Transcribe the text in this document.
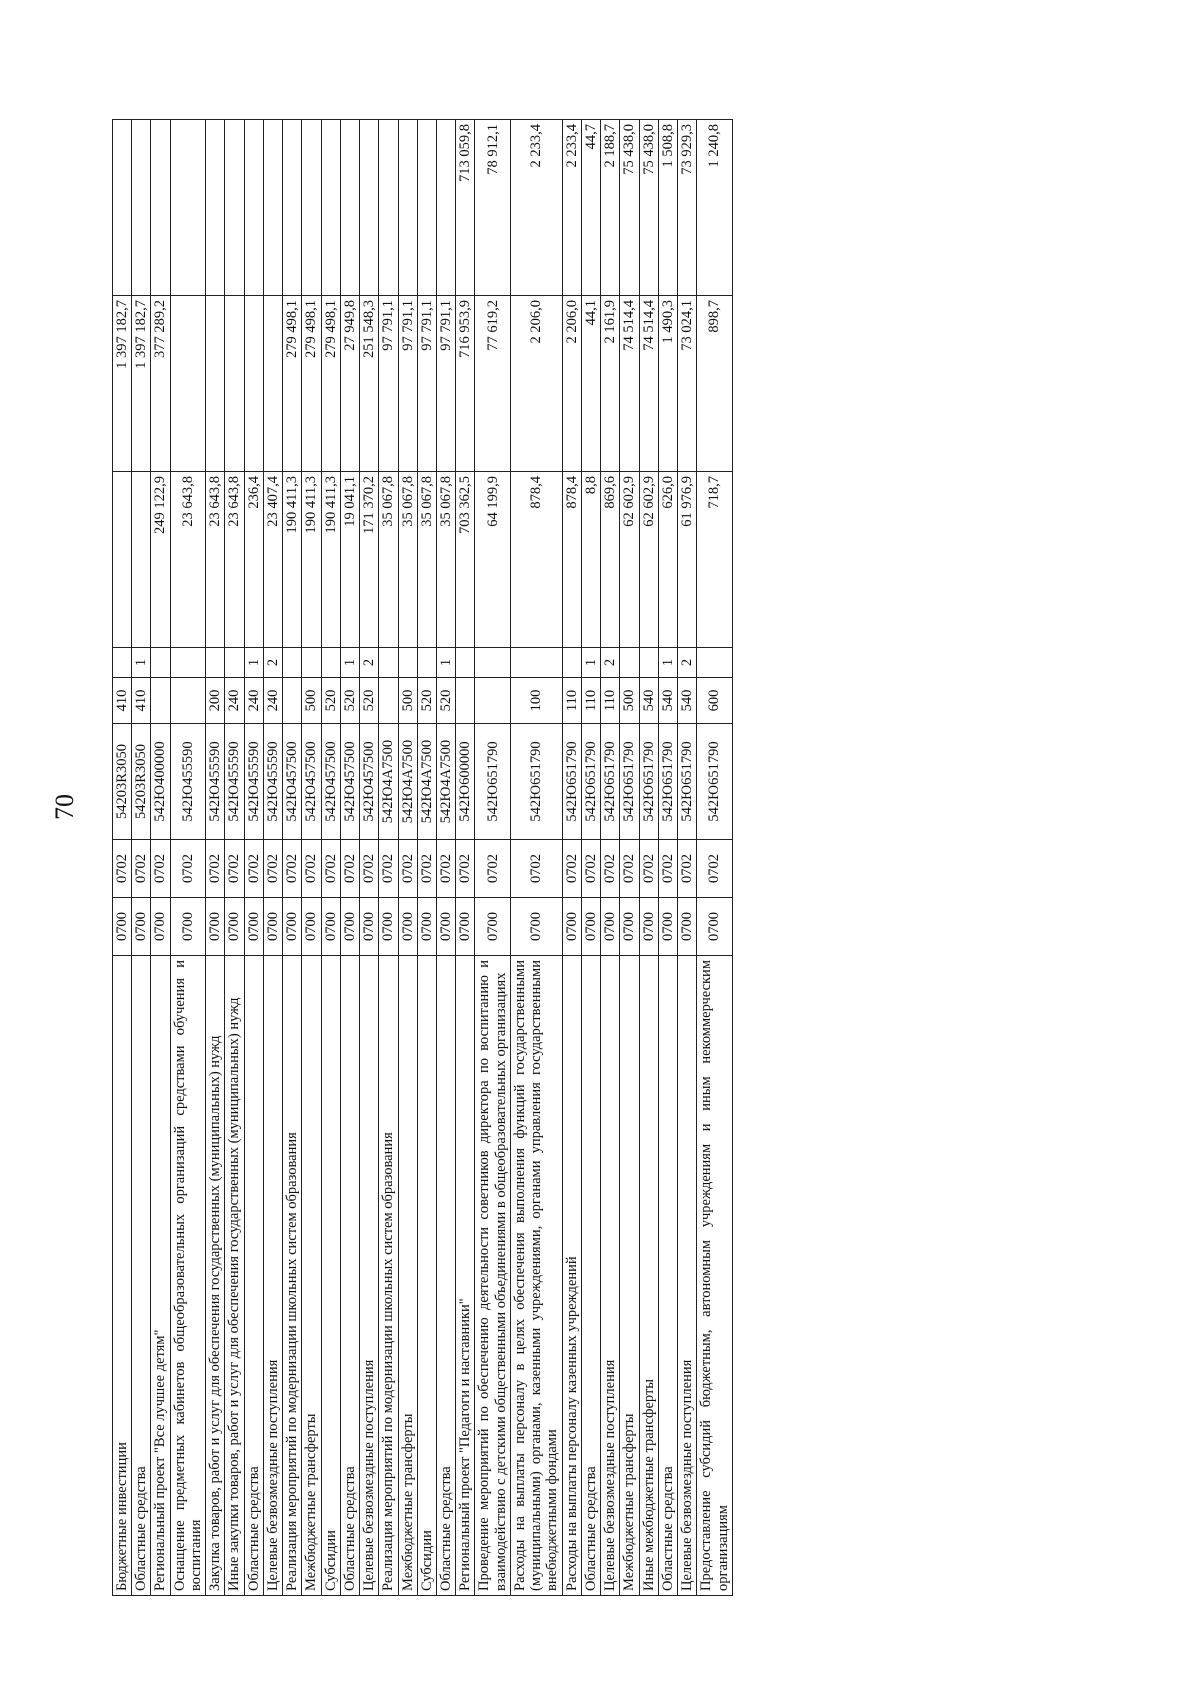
70
Бюджетные инвестиции	0700	0702	54203R3050	410			1 397 182,7	
Областные средства	0700	0702	54203R3050	410	1		1 397 182,7	
Региональный проект "Все лучшее детям"	0700	0702	542Ю400000			249 122,9	377 289,2	
Оснащение предметных кабинетов общеобразовательных организаций средствами обучения и воспитания	0700	0702	542Ю455590			23 643,8		
Закупка товаров, работ и услуг для обеспечения государственных (муниципальных) нужд	0700	0702	542Ю455590	200		23 643,8		
Иные закупки товаров, работ и услуг для обеспечения государственных (муниципальных) нужд	0700	0702	542Ю455590	240		23 643,8		
Областные средства	0700	0702	542Ю455590	240	1	236,4		
Целевые безвозмездные поступления	0700	0702	542Ю455590	240	2	23 407,4		
Реализация мероприятий по модернизации школьных систем образования	0700	0702	542Ю457500			190 411,3	279 498,1	
Межбюджетные трансферты	0700	0702	542Ю457500	500		190 411,3	279 498,1	
Субсидии	0700	0702	542Ю457500	520		190 411,3	279 498,1	
Областные средства	0700	0702	542Ю457500	520	1	19 041,1	27 949,8	
Целевые безвозмездные поступления	0700	0702	542Ю457500	520	2	171 370,2	251 548,3	
Реализация мероприятий по модернизации школьных систем образования	0700	0702	542Ю4А7500			35 067,8	97 791,1	
Межбюджетные трансферты	0700	0702	542Ю4А7500	500		35 067,8	97 791,1	
Субсидии	0700	0702	542Ю4А7500	520		35 067,8	97 791,1	
Областные средства	0700	0702	542Ю4А7500	520	1	35 067,8	97 791,1	
Региональный проект "Педагоги и наставники"	0700	0702	542Ю600000			703 362,5	716 953,9	713 059,8
Проведение мероприятий по обеспечению деятельности советников директора по воспитанию и взаимодействию с детскими общественными объединениями в общеобразовательных организациях	0700	0702	542Ю651790			64 199,9	77 619,2	78 912,1
Расходы на выплаты персоналу в целях обеспечения выполнения функций государственными (муниципальными) органами, казенными учреждениями, органами управления государственными внебюджетными фондами	0700	0702	542Ю651790	100		878,4	2 206,0	2 233,4
Расходы на выплаты персоналу казенных учреждений	0700	0702	542Ю651790	110		878,4	2 206,0	2 233,4
Областные средства	0700	0702	542Ю651790	110	1	8,8	44,1	44,7
Целевые безвозмездные поступления	0700	0702	542Ю651790	110	2	869,6	2 161,9	2 188,7
Межбюджетные трансферты	0700	0702	542Ю651790	500		62 602,9	74 514,4	75 438,0
Иные межбюджетные трансферты	0700	0702	542Ю651790	540		62 602,9	74 514,4	75 438,0
Областные средства	0700	0702	542Ю651790	540	1	626,0	1 490,3	1 508,8
Целевые безвозмездные поступления	0700	0702	542Ю651790	540	2	61 976,9	73 024,1	73 929,3
Предоставление субсидий бюджетным, автономным учреждениям и иным некоммерческим организациям	0700	0702	542Ю651790	600		718,7	898,7	1 240,8
